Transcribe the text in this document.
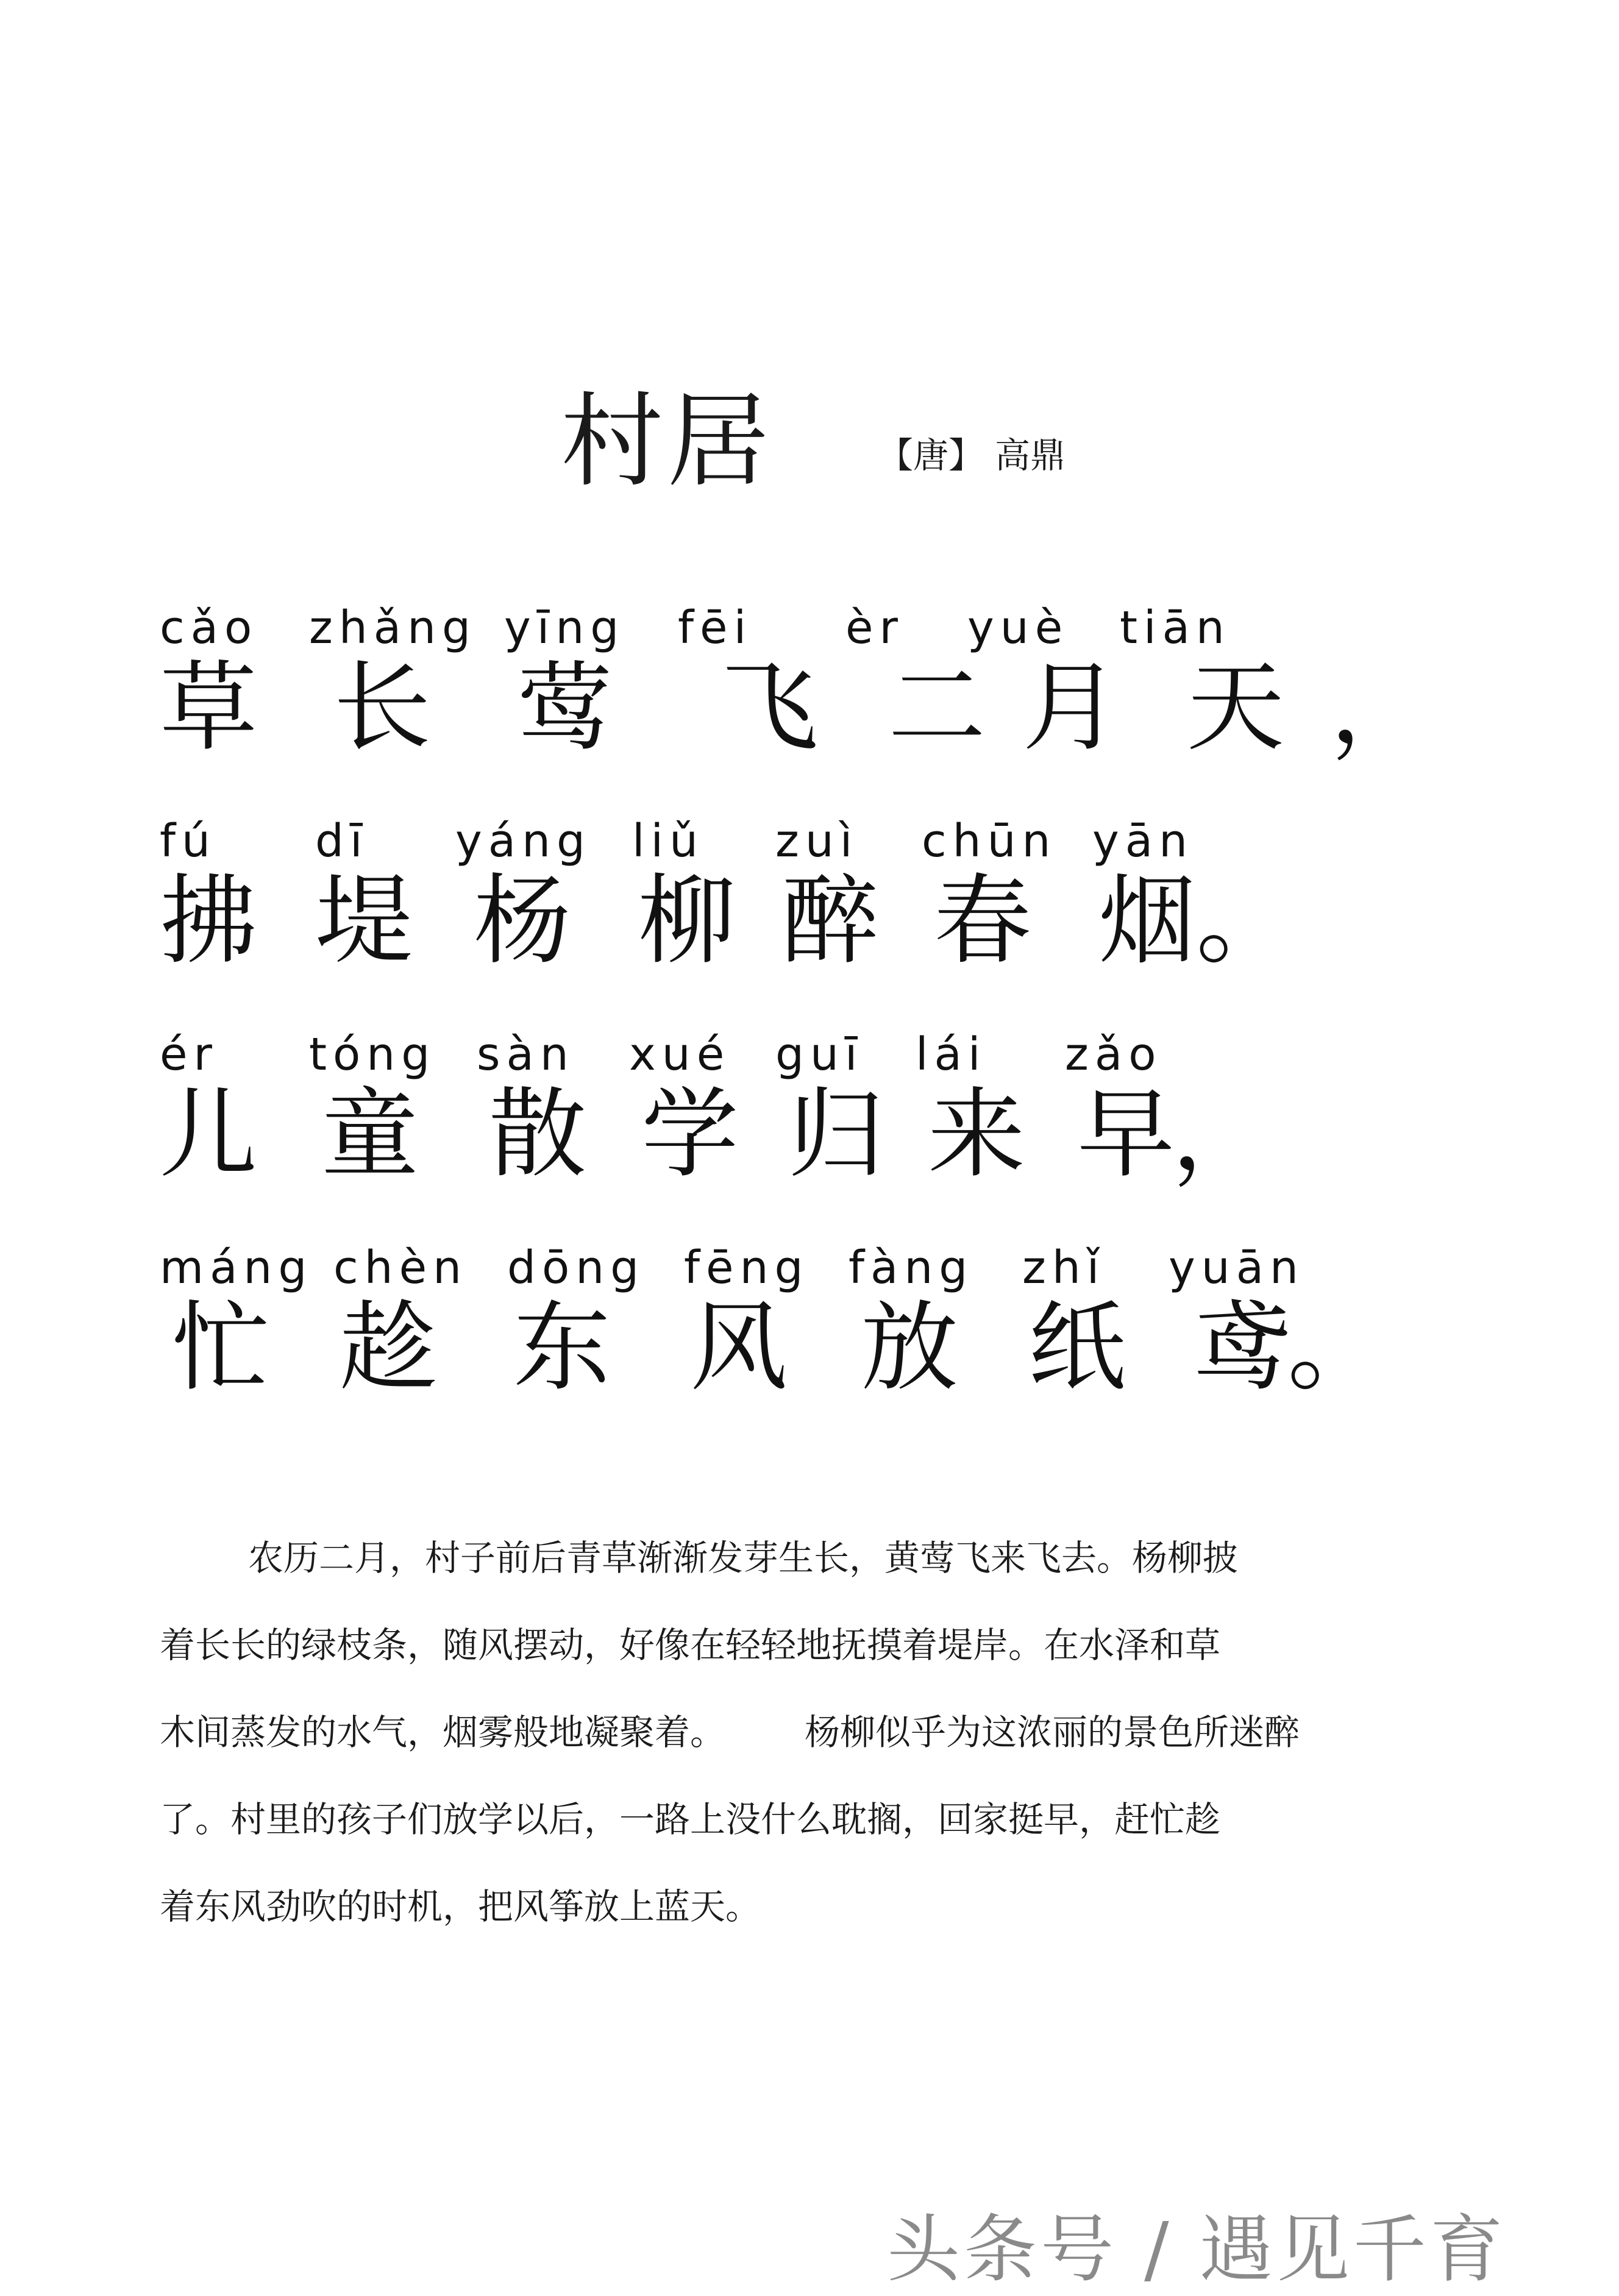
村居	【唐】 高鼎
cǎo
草
zhǎng
长
yīng
莺
fēi
飞
èr
二
yuè
月
tiān
天 ，
fú
拂
dī
堤
yáng
杨
liǔ
柳
zuì
醉
chūn
春
yān
烟 。
ér
儿
tóng
童
sàn
散
xué
学
guī
归
lái
来
zǎo
早
，
máng
忙
chèn
趁
dōng
东
fēng
风
fàng
放
zhǐ
纸
yuān
鸢
。
农历二月，村子前后青草渐渐发芽生长，黄莺飞来飞去。杨柳披
着长长的绿枝条，随风摆动，好像在轻轻地抚摸着堤岸。在水泽和草
木间蒸发的水气，烟雾般地凝聚着。 杨柳似乎为这浓丽的景色所迷醉
了。村里的孩子们放学以后，一路上没什么耽搁，回家挺早，赶忙趁
着东风劲吹的时机，把风筝放上蓝天。
头条号 / 遇见千育
